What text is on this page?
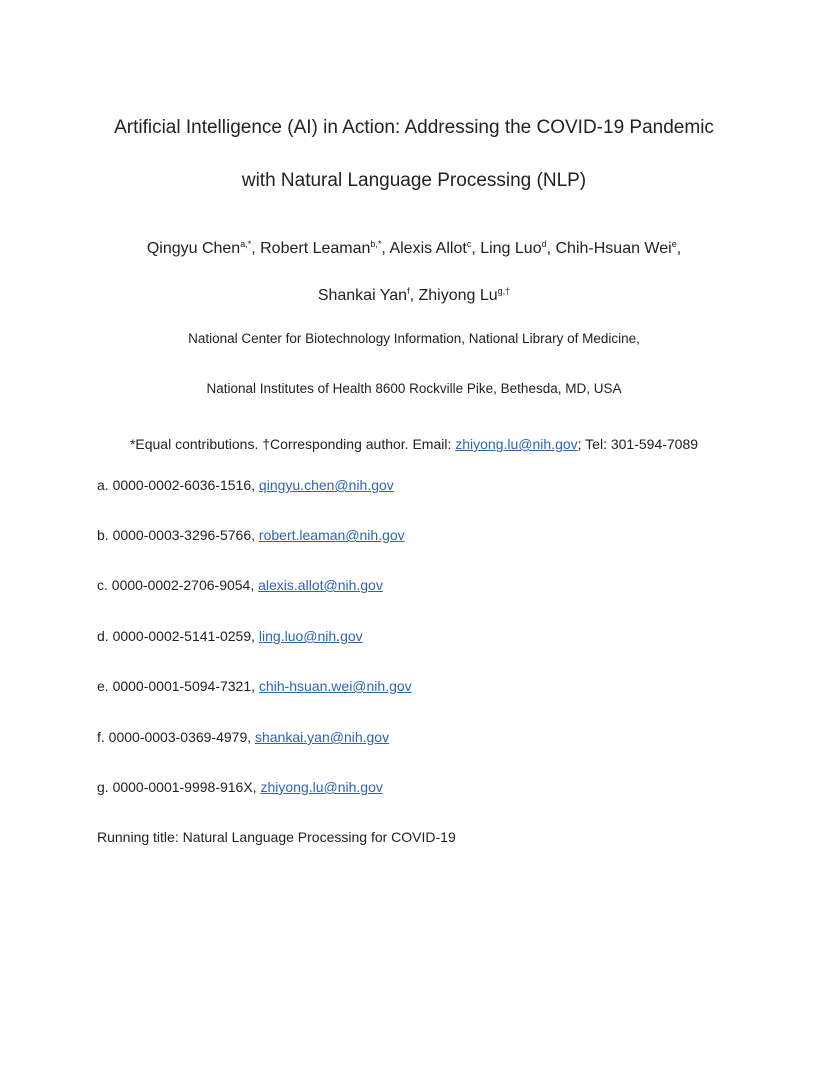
Artificial Intelligence (AI) in Action: Addressing the COVID-19 Pandemic
with Natural Language Processing (NLP)
Qingyu Chen$^{a,*}$, Robert Leaman$^{b,*}$, Alexis Allot$^c$, Ling Luo$^d$, Chih-Hsuan Wei$^e$,
Shankai Yan$^f$, Zhiyong $Lu^{g,\dagger}$
National Center for Biotechnology Information, National Library of Medicine,
National Institutes of Health 8600 Rockville Pike, Bethesda, MD, USA
*Equal contributions. †Corresponding author. Email: zhiyong.lu@nih.gov; Tel: 301-594-7089
a. 0000-0002-6036-1516, qingyu.chen@nih.gov
b. 0000-0003-3296-5766, robert.leaman@nih.gov
c. 0000-0002-2706-9054, alexis.allot@nih.gov
d. 0000-0002-5141-0259, ling.luo@nih.gov
e. 0000-0001-5094-7321, chih-hsuan.wei@nih.gov
f. 0000-0003-0369-4979, shankai.yan@nih.gov
g. 0000-0001-9998-916X, zhiyong.lu@nih.gov
Running title: Natural Language Processing for COVID-19
